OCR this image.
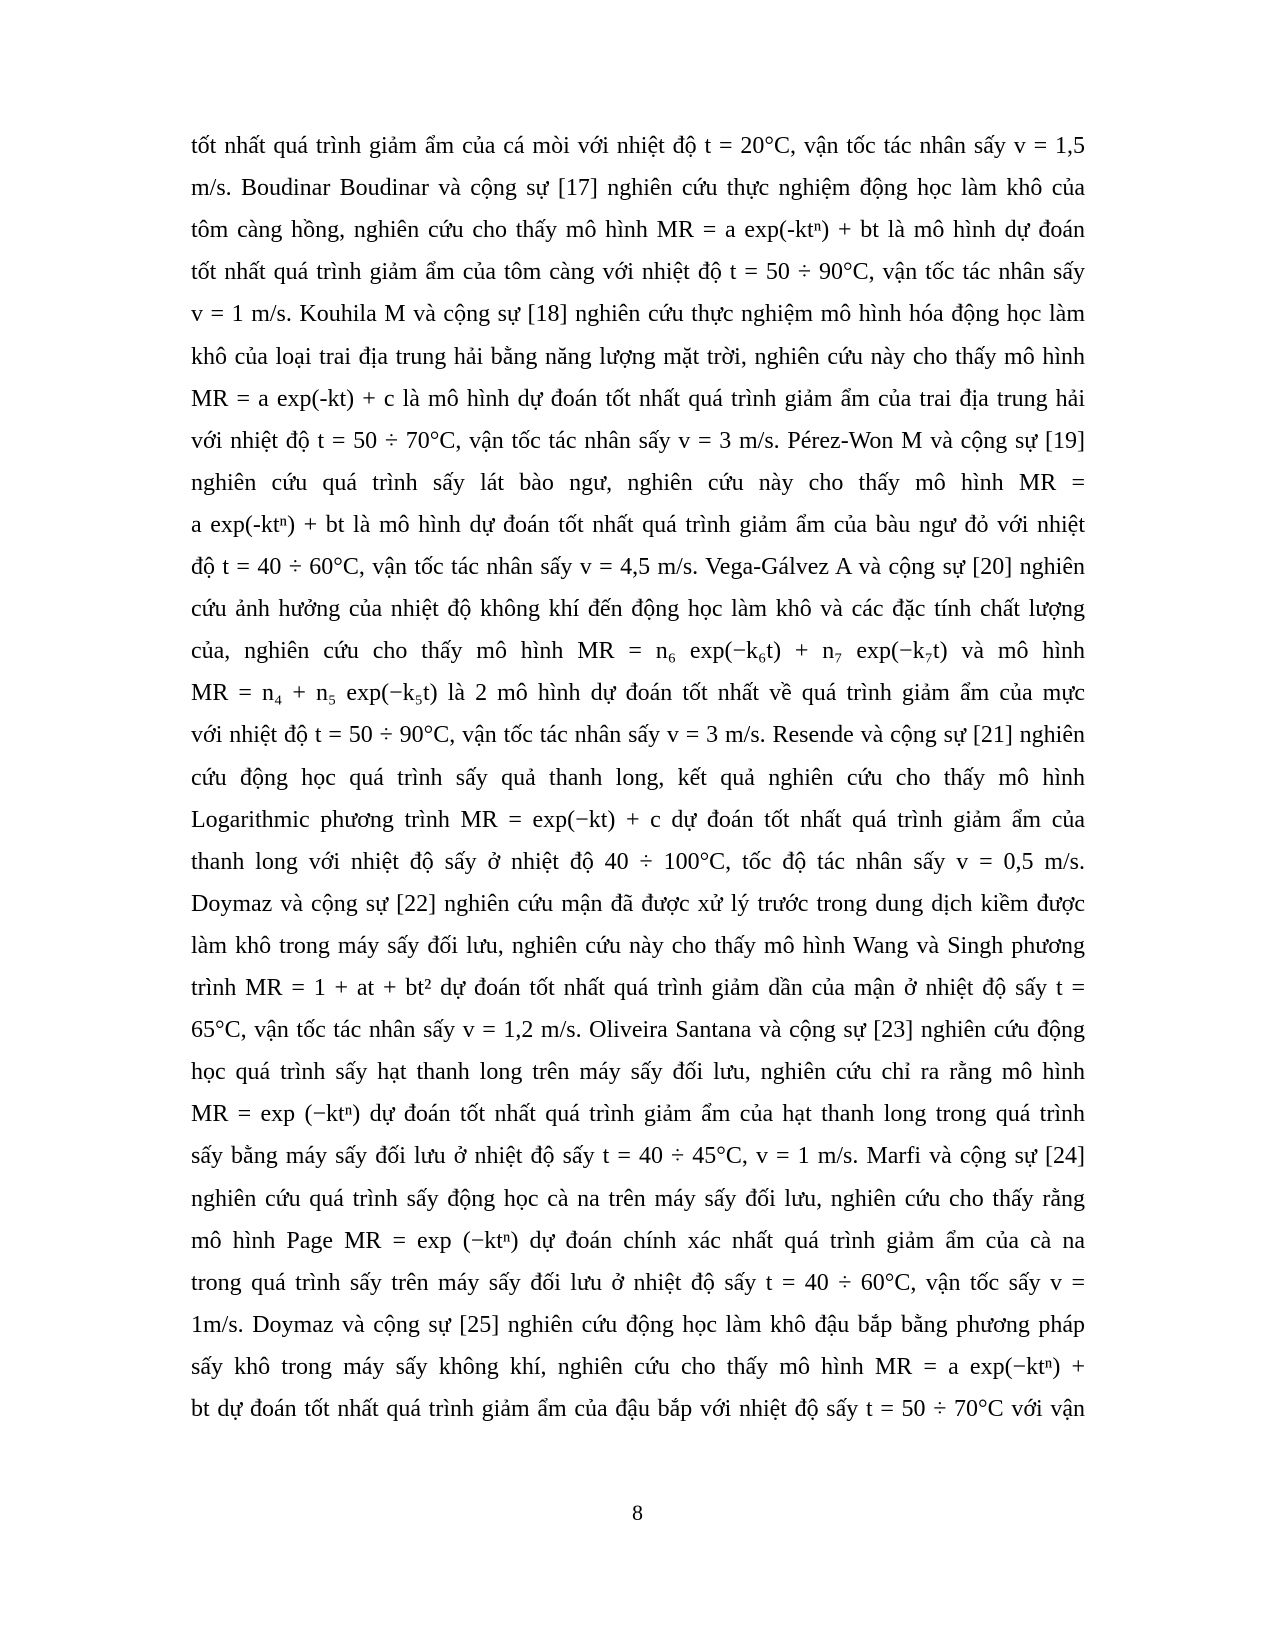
tốt nhất quá trình giảm ẩm của cá mòi với nhiệt độ t = 20°C, vận tốc tác nhân sấy v = 1,5
m/s. Boudinar Boudinar và cộng sự [17] nghiên cứu thực nghiệm động học làm khô của
tôm càng hồng, nghiên cứu cho thấy mô hình MR = a exp(-ktⁿ) + bt là mô hình dự đoán
tốt nhất quá trình giảm ẩm của tôm càng với nhiệt độ t = 50 ÷ 90°C, vận tốc tác nhân sấy
v = 1 m/s. Kouhila M và cộng sự [18] nghiên cứu thực nghiệm mô hình hóa động học làm
khô của loại trai địa trung hải bằng năng lượng mặt trời, nghiên cứu này cho thấy mô hình
MR = a exp(-kt) + c là mô hình dự đoán tốt nhất quá trình giảm ẩm của trai địa trung hải
với nhiệt độ t = 50 ÷ 70°C, vận tốc tác nhân sấy v = 3 m/s. Pérez-Won M và cộng sự [19]
nghiên cứu quá trình sấy lát bào ngư, nghiên cứu này cho thấy mô hình MR =
a exp(-ktⁿ) + bt là mô hình dự đoán tốt nhất quá trình giảm ẩm của bàu ngư đỏ với nhiệt
độ t = 40 ÷ 60°C, vận tốc tác nhân sấy v = 4,5 m/s. Vega-Gálvez A và cộng sự [20] nghiên
cứu ảnh hưởng của nhiệt độ không khí đến động học làm khô và các đặc tính chất lượng
của, nghiên cứu cho thấy mô hình MR = n₆ exp(−k₆t) + n₇ exp(−k₇t) và mô hình
MR = n₄ + n₅ exp(−k₅t) là 2 mô hình dự đoán tốt nhất về quá trình giảm ẩm của mực
với nhiệt độ t = 50 ÷ 90°C, vận tốc tác nhân sấy v = 3 m/s. Resende và cộng sự [21] nghiên
cứu động học quá trình sấy quả thanh long, kết quả nghiên cứu cho thấy mô hình
Logarithmic phương trình MR = exp(−kt) + c dự đoán tốt nhất quá trình giảm ẩm của
thanh long với nhiệt độ sấy ở nhiệt độ 40 ÷ 100°C, tốc độ tác nhân sấy v = 0,5 m/s.
Doymaz và cộng sự [22] nghiên cứu mận đã được xử lý trước trong dung dịch kiềm được
làm khô trong máy sấy đối lưu, nghiên cứu này cho thấy mô hình Wang và Singh phương
trình MR = 1 + at + bt² dự đoán tốt nhất quá trình giảm dần của mận ở nhiệt độ sấy t =
65°C, vận tốc tác nhân sấy v = 1,2 m/s. Oliveira Santana và cộng sự [23] nghiên cứu động
học quá trình sấy hạt thanh long trên máy sấy đối lưu, nghiên cứu chỉ ra rằng mô hình
MR = exp (−ktⁿ) dự đoán tốt nhất quá trình giảm ẩm của hạt thanh long trong quá trình
sấy bằng máy sấy đối lưu ở nhiệt độ sấy t = 40 ÷ 45°C, v = 1 m/s. Marfi và cộng sự [24]
nghiên cứu quá trình sấy động học cà na trên máy sấy đối lưu, nghiên cứu cho thấy rằng
mô hình Page MR = exp (−ktⁿ) dự đoán chính xác nhất quá trình giảm ẩm của cà na
trong quá trình sấy trên máy sấy đối lưu ở nhiệt độ sấy t = 40 ÷ 60°C, vận tốc sấy v =
1m/s. Doymaz và cộng sự [25] nghiên cứu động học làm khô đậu bắp bằng phương pháp
sấy khô trong máy sấy không khí, nghiên cứu cho thấy mô hình MR = a exp(−ktⁿ) +
bt dự đoán tốt nhất quá trình giảm ẩm của đậu bắp với nhiệt độ sấy t = 50 ÷ 70°C với vận
8
